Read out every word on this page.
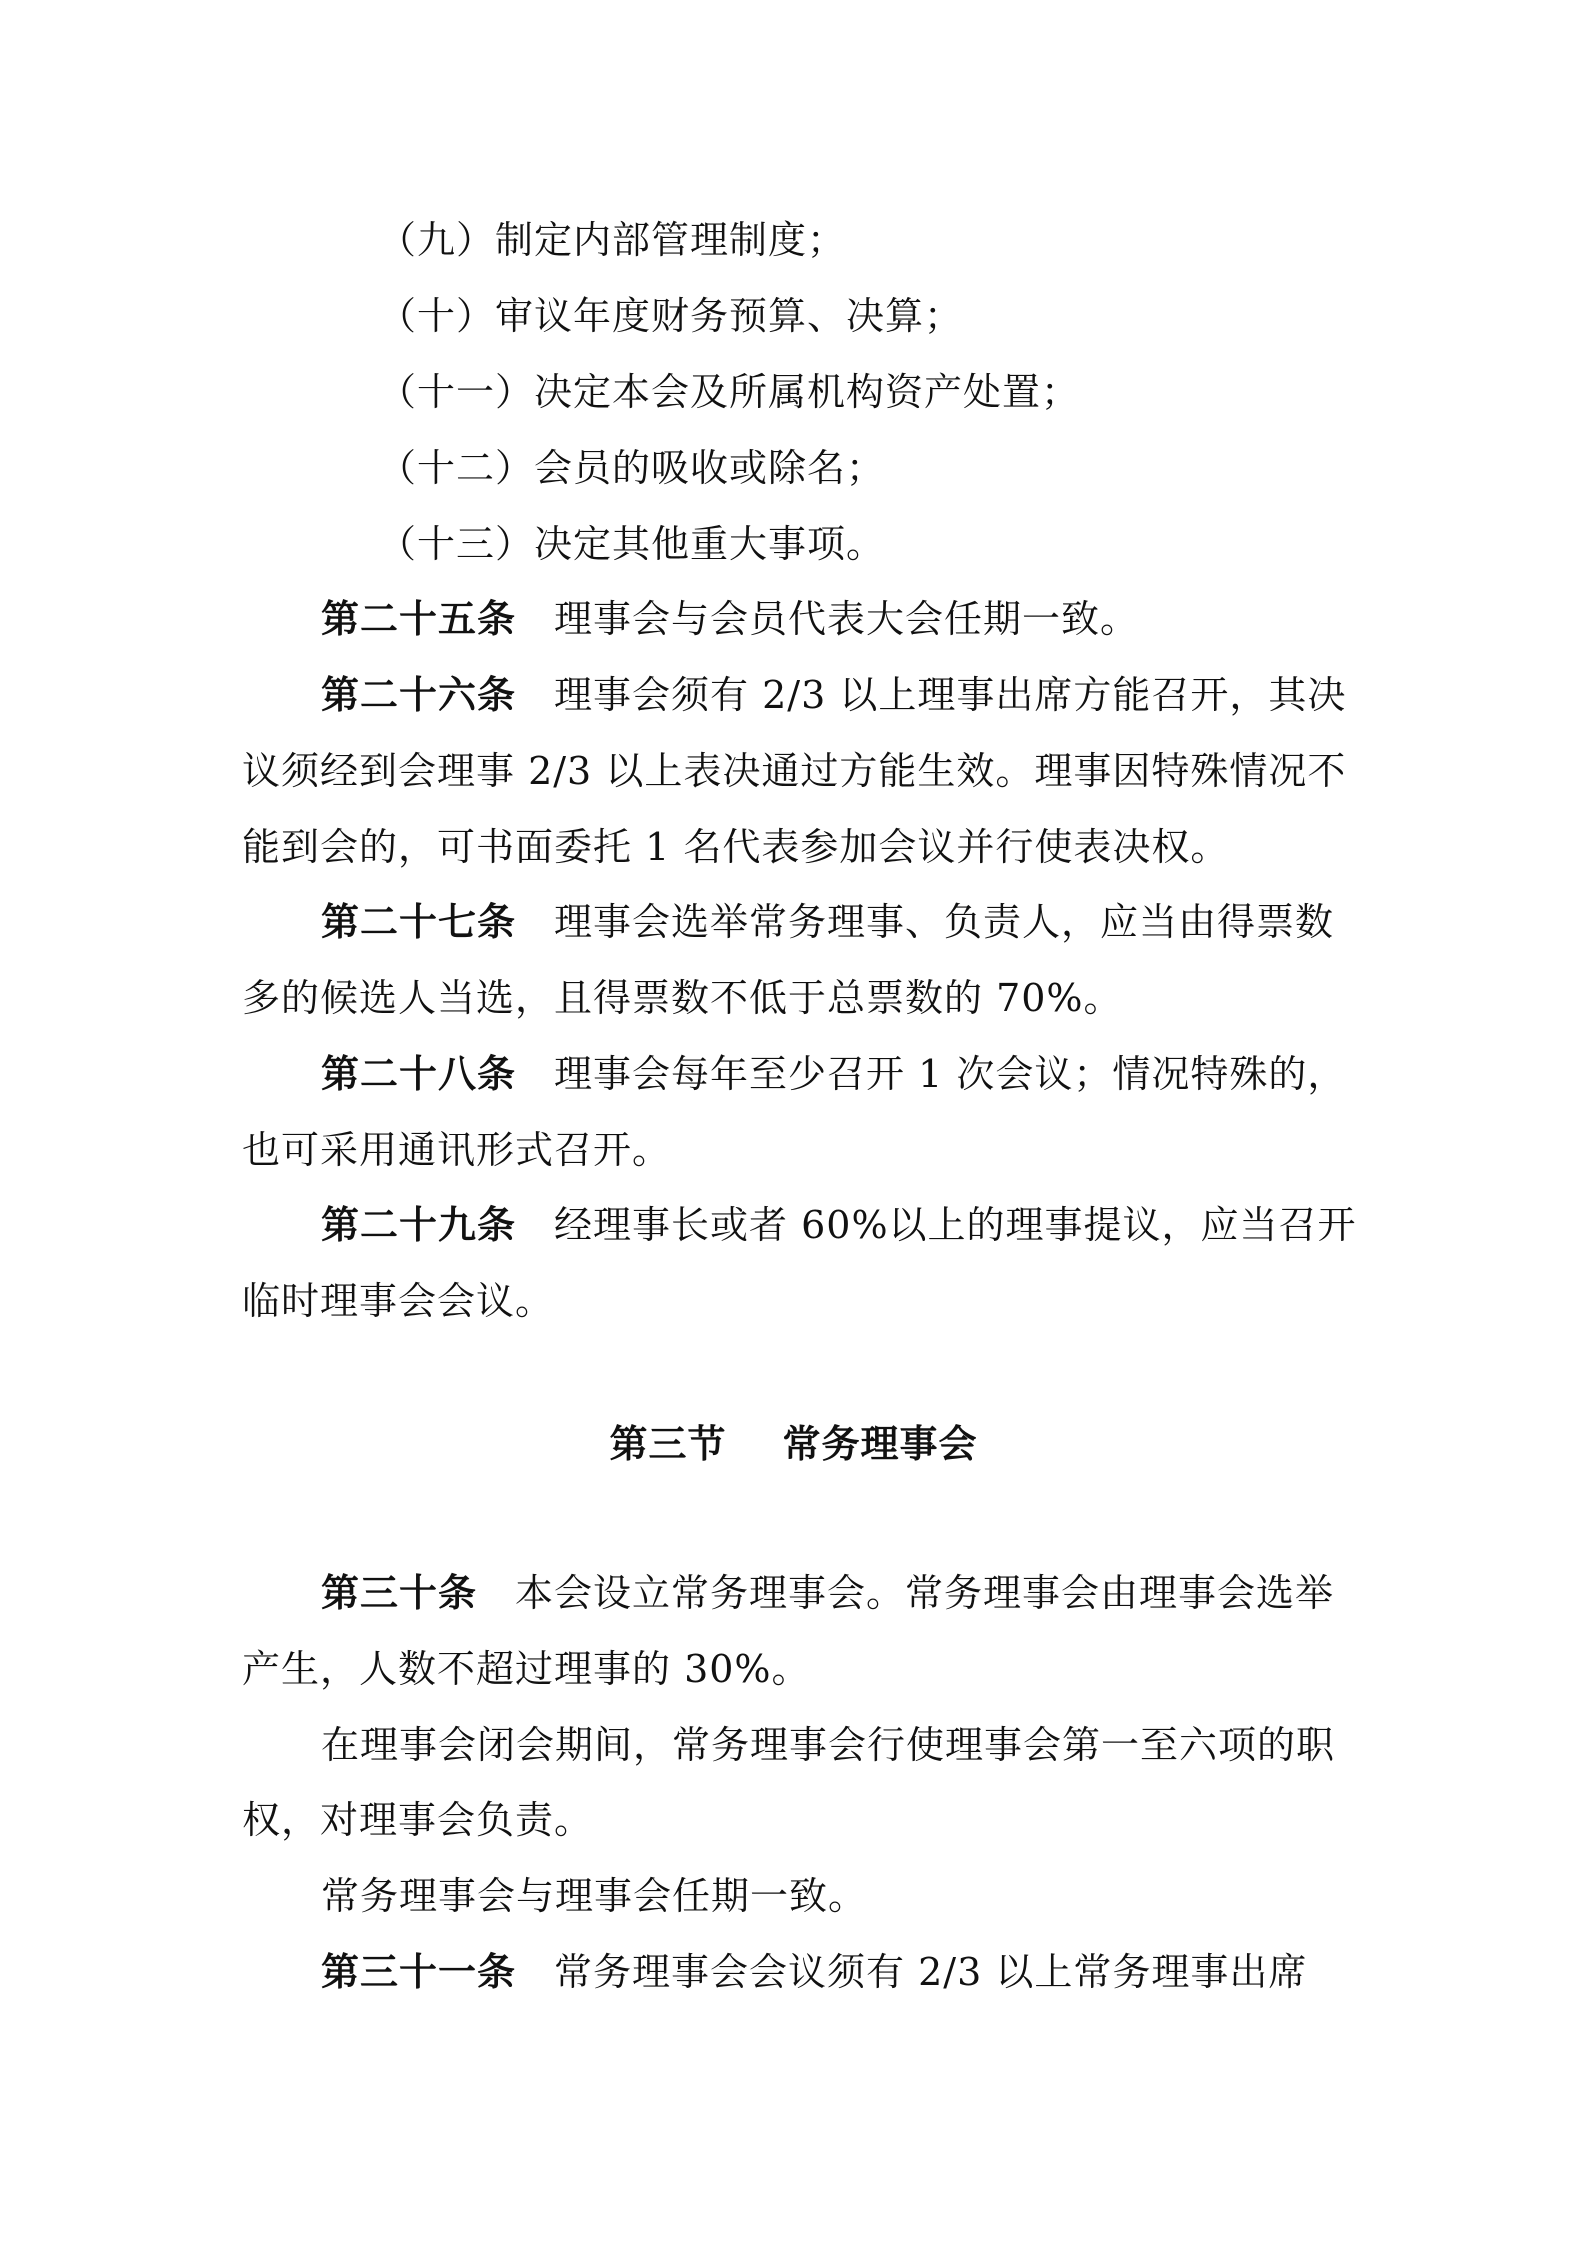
（九）制定内部管理制度；
（十）审议年度财务预算、决算；
（十一）决定本会及所属机构资产处置；
（十二）会员的吸收或除名；
（十三）决定其他重大事项。
第二十五条 理事会与会员代表大会任期一致。
第二十六条 理事会须有 2/3 以上理事出席方能召开，其决
议须经到会理事 2/3 以上表决通过方能生效。理事因特殊情况不
能到会的，可书面委托 1 名代表参加会议并行使表决权。
第二十七条 理事会选举常务理事、负责人，应当由得票数
多的候选人当选，且得票数不低于总票数的 70%。
第二十八条 理事会每年至少召开 1 次会议；情况特殊的，
也可采用通讯形式召开。
第二十九条 经理事长或者 60%以上的理事提议，应当召开
临时理事会会议。
第三节 常务理事会
第三十条 本会设立常务理事会。常务理事会由理事会选举
产生，人数不超过理事的 30%。
在理事会闭会期间，常务理事会行使理事会第一至六项的职
权，对理事会负责。
常务理事会与理事会任期一致。
第三十一条 常务理事会会议须有 2/3 以上常务理事出席
